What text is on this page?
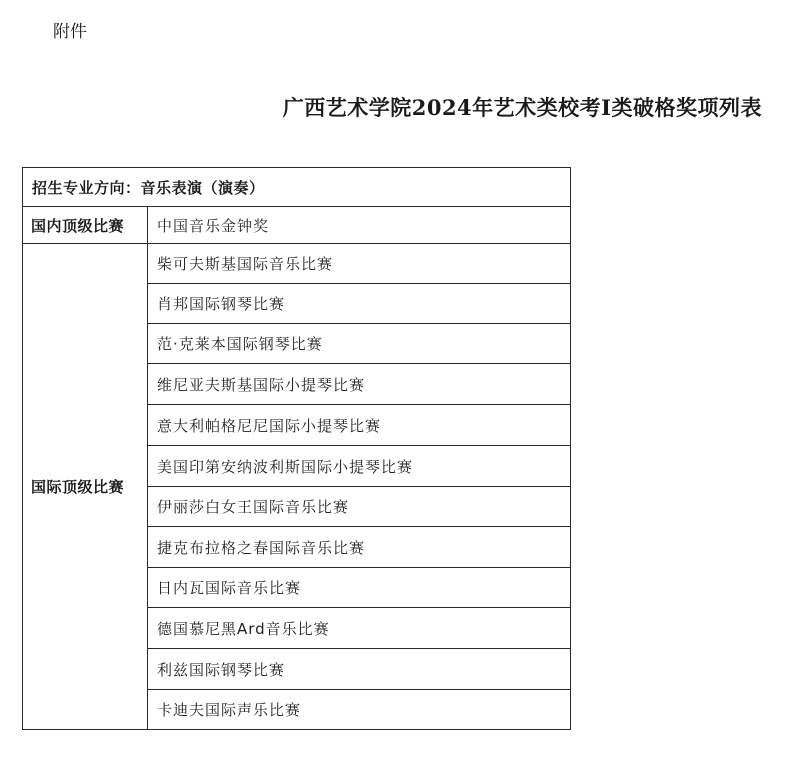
附件
广西艺术学院2024年艺术类校考Ⅰ类破格奖项列表
招生专业方向：音乐表演（演奏）	
国内顶级比赛	中国音乐金钟奖
国际顶级比赛	柴可夫斯基国际音乐比赛
	肖邦国际钢琴比赛
	范·克莱本国际钢琴比赛
	维尼亚夫斯基国际小提琴比赛
	意大利帕格尼尼国际小提琴比赛
	美国印第安纳波利斯国际小提琴比赛
	伊丽莎白女王国际音乐比赛
	捷克布拉格之春国际音乐比赛
	日内瓦国际音乐比赛
	德国慕尼黑Ard音乐比赛
	利兹国际钢琴比赛
	卡迪夫国际声乐比赛
